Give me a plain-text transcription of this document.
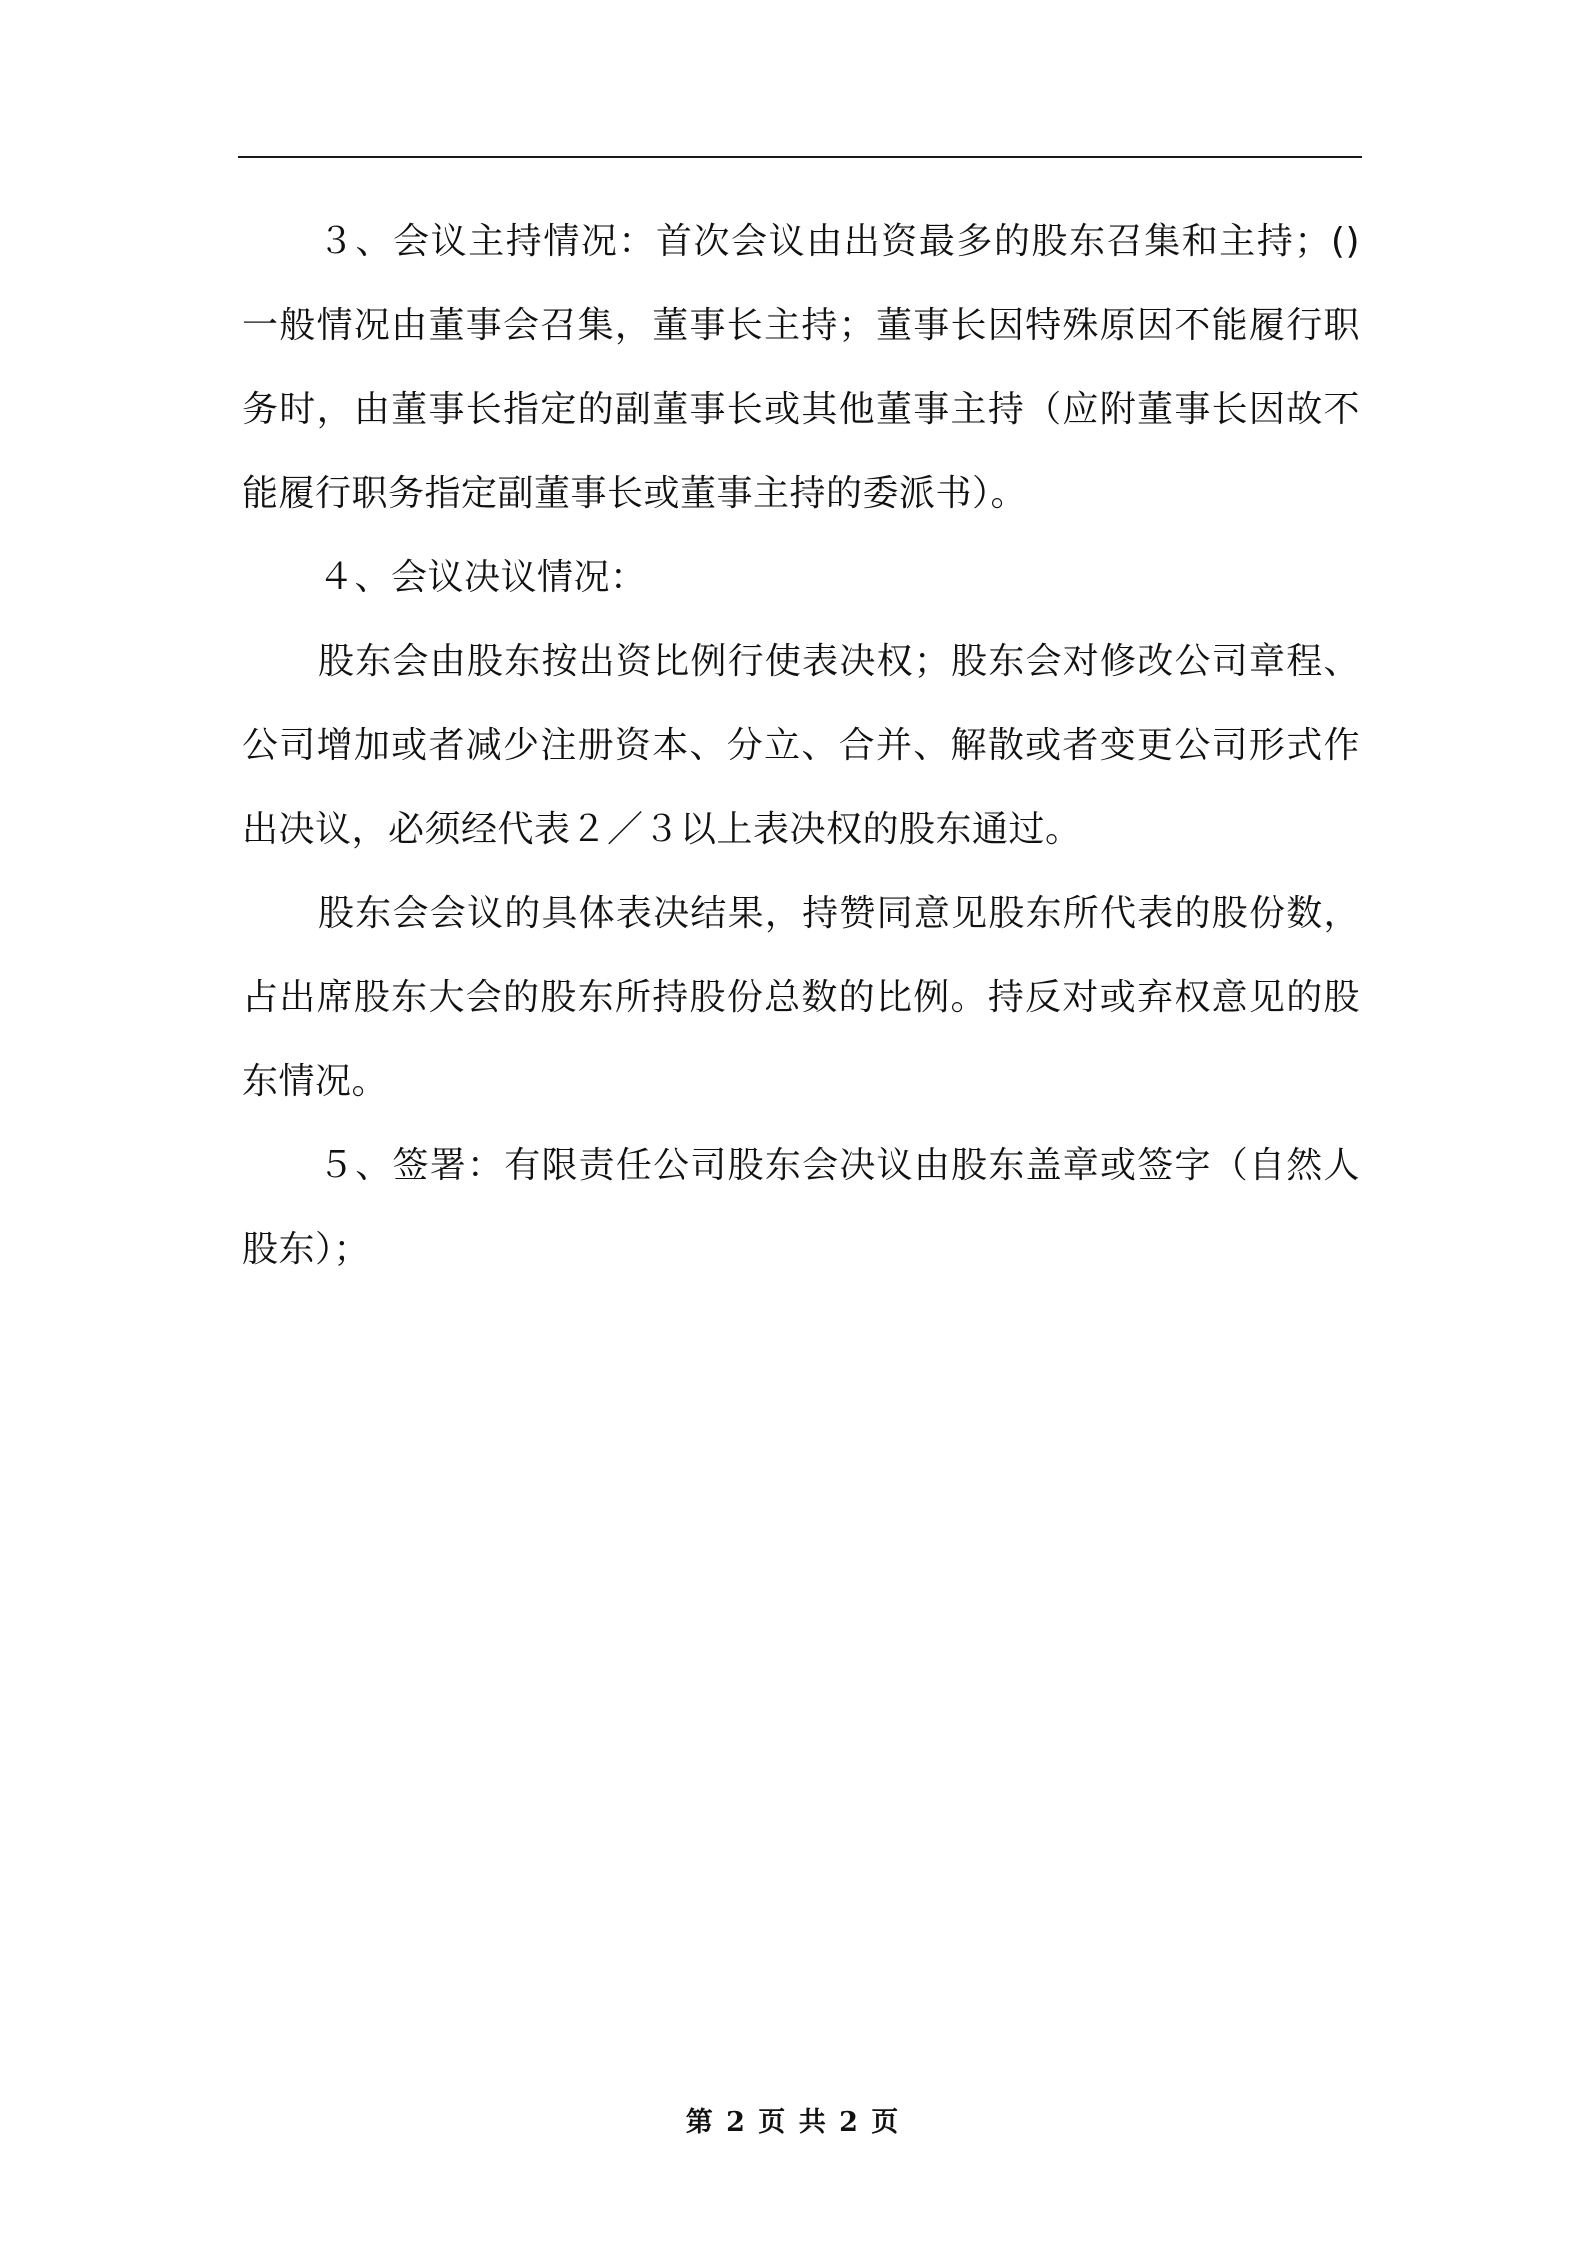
３、会议主持情况：首次会议由出资最多的股东召集和主持；()一般情况由董事会召集，董事长主持；董事长因特殊原因不能履行职务时，由董事长指定的副董事长或其他董事主持（应附董事长因故不能履行职务指定副董事长或董事主持的委派书）。

４、会议决议情况：

股东会由股东按出资比例行使表决权；股东会对修改公司章程、公司增加或者减少注册资本、分立、合并、解散或者变更公司形式作出决议，必须经代表２／３以上表决权的股东通过。

股东会会议的具体表决结果，持赞同意见股东所代表的股份数，占出席股东大会的股东所持股份总数的比例。持反对或弃权意见的股东情况。

５、签署：有限责任公司股东会决议由股东盖章或签字（自然人股东）；

第 2 页 共 2 页
